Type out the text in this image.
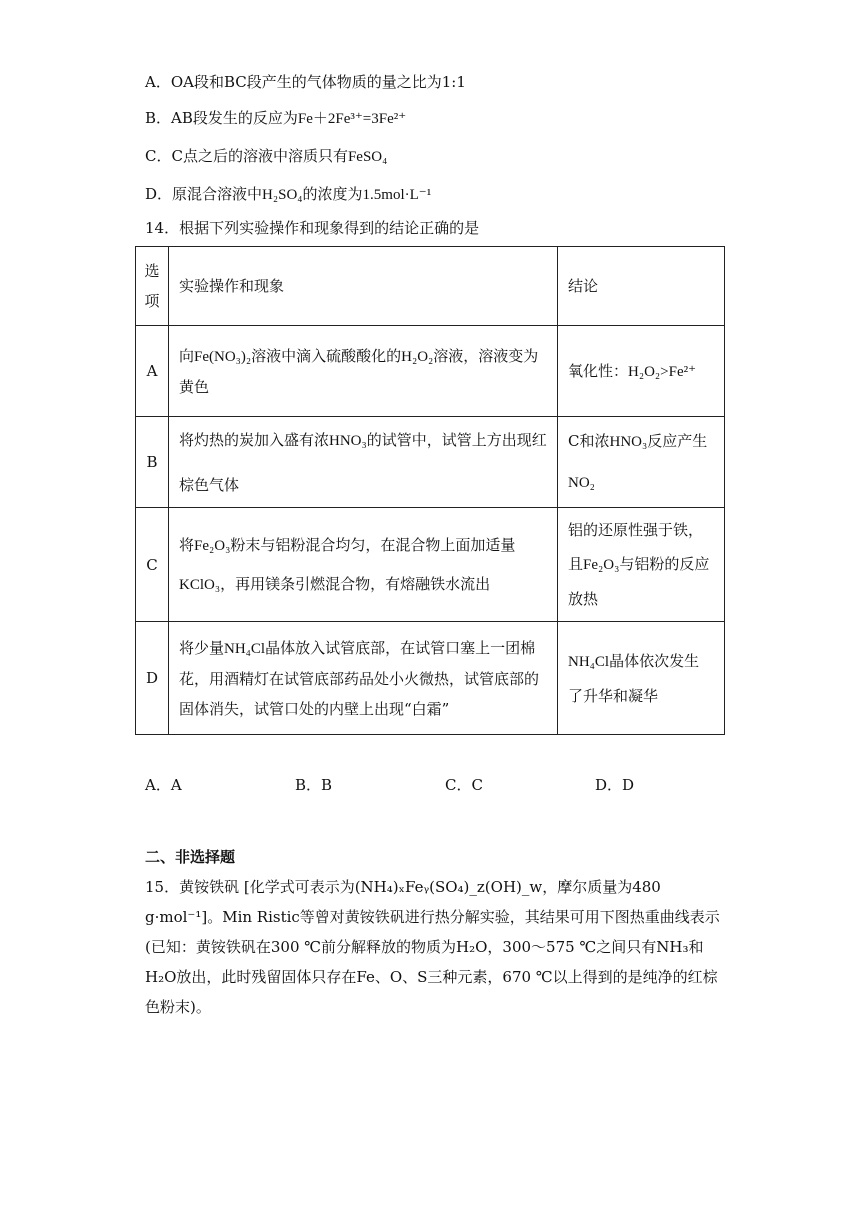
A．OA段和BC段产生的气体物质的量之比为1:1
B．AB段发生的反应为Fe＋2Fe³⁺=3Fe²⁺
C．C点之后的溶液中溶质只有FeSO₄
D．原混合溶液中H₂SO₄的浓度为1.5mol·L⁻¹
14．根据下列实验操作和现象得到的结论正确的是
选项	实验操作和现象	结论
A	向Fe(NO₃)₂溶液中滴入硫酸酸化的H₂O₂溶液，溶液变为黄色	氧化性：H₂O₂>Fe²⁺
B	将灼热的炭加入盛有浓HNO₃的试管中，试管上方出现红棕色气体	C和浓HNO₃反应产生NO₂
C	将Fe₂O₃粉末与铝粉混合均匀，在混合物上面加适量KClO₃，再用镁条引燃混合物，有熔融铁水流出	铝的还原性强于铁，且Fe₂O₃与铝粉的反应放热
D	将少量NH₄Cl晶体放入试管底部，在试管口塞上一团棉花，用酒精灯在试管底部药品处小火微热，试管底部的固体消失，试管口处的内壁上出现“白霜”	NH₄Cl晶体依次发生了升华和凝华
A．A	B．B	C．C	D．D
二、非选择题
15．黄铵铁矾 [化学式可表示为(NH₄)ₓFeᵧ(SO₄)_z(OH)_w，摩尔质量为480 g·mol⁻¹]。Min Ristic等曾对黄铵铁矾进行热分解实验，其结果可用下图热重曲线表示(已知：黄铵铁矾在300 ℃前分解释放的物质为H₂O，300～575 ℃之间只有NH₃和H₂O放出，此时残留固体只存在Fe、O、S三种元素，670 ℃以上得到的是纯净的红棕色粉末)。
